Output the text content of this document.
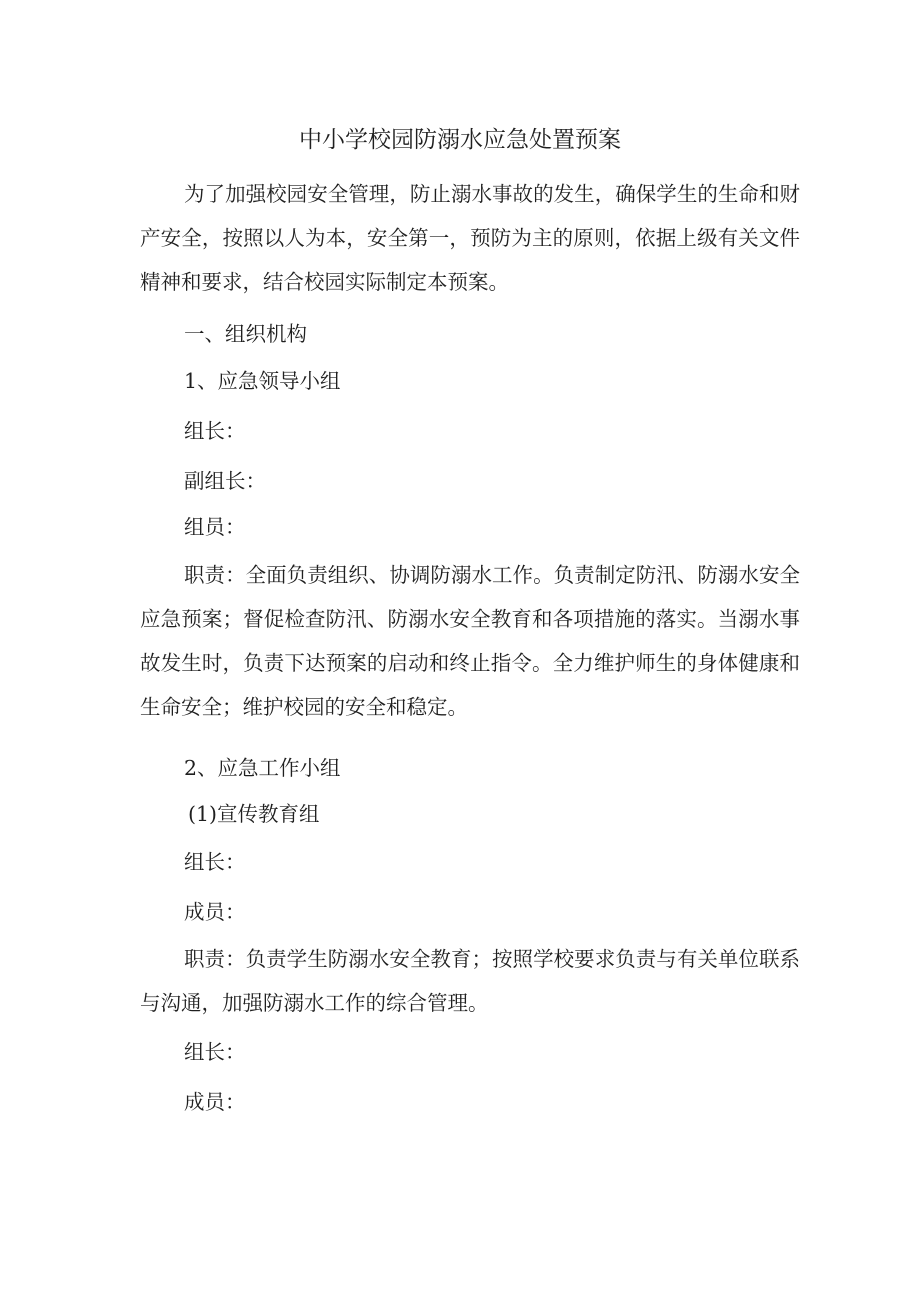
中小学校园防溺水应急处置预案
为了加强校园安全管理，防止溺水事故的发生，确保学生的生命和财产安全，按照以人为本，安全第一，预防为主的原则，依据上级有关文件精神和要求，结合校园实际制定本预案。
一、组织机构
1、应急领导小组
组长：
副组长：
组员：
职责：全面负责组织、协调防溺水工作。负责制定防汛、防溺水安全应急预案；督促检查防汛、防溺水安全教育和各项措施的落实。当溺水事故发生时，负责下达预案的启动和终止指令。全力维护师生的身体健康和生命安全；维护校园的安全和稳定。
2、应急工作小组
(1)宣传教育组
组长：
成员：
职责：负责学生防溺水安全教育；按照学校要求负责与有关单位联系与沟通，加强防溺水工作的综合管理。
组长：
成员：
